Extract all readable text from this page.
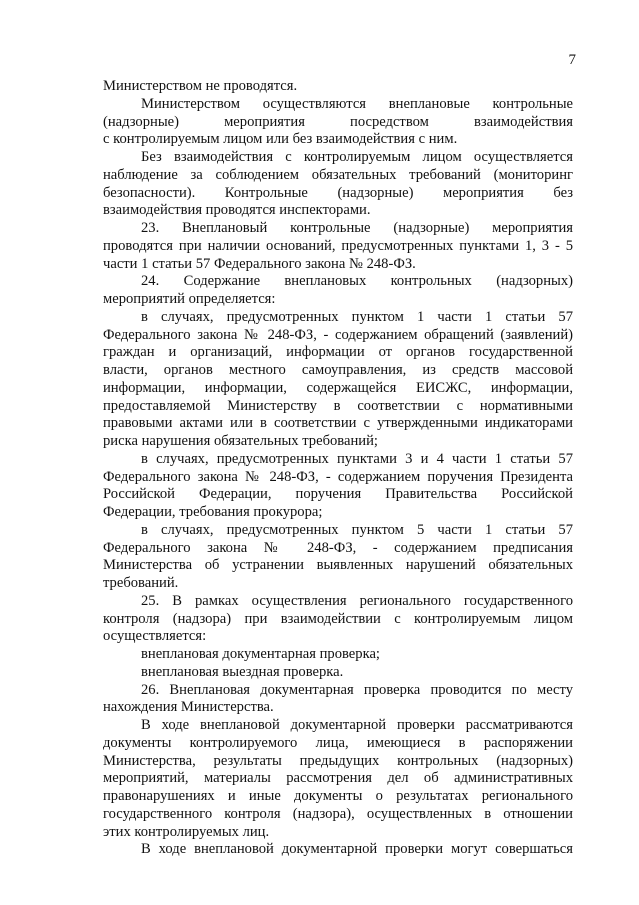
7
Министерством не проводятся.
Министерством осуществляются внеплановые контрольные
(надзорные) мероприятия посредством взаимодействия
с контролируемым лицом или без взаимодействия с ним.
Без взаимодействия с контролируемым лицом осуществляется
наблюдение за соблюдением обязательных требований (мониторинг
безопасности). Контрольные (надзорные) мероприятия без
взаимодействия проводятся инспекторами.
23. Внеплановый контрольные (надзорные) мероприятия
проводятся при наличии оснований, предусмотренных пунктами 1, 3 - 5
части 1 статьи 57 Федерального закона № 248-ФЗ.
24. Содержание внеплановых контрольных (надзорных)
мероприятий определяется:
в случаях, предусмотренных пунктом 1 части 1 статьи 57
Федерального закона № 248-ФЗ, - содержанием обращений (заявлений)
граждан и организаций, информации от органов государственной
власти, органов местного самоуправления, из средств массовой
информации, информации, содержащейся ЕИСЖС, информации,
предоставляемой Министерству в соответствии с нормативными
правовыми актами или в соответствии с утвержденными индикаторами
риска нарушения обязательных требований;
в случаях, предусмотренных пунктами 3 и 4 части 1 статьи 57
Федерального закона № 248-ФЗ, - содержанием поручения Президента
Российской Федерации, поручения Правительства Российской
Федерации, требования прокурора;
в случаях, предусмотренных пунктом 5 части 1 статьи 57
Федерального закона № 248-ФЗ, - содержанием предписания
Министерства об устранении выявленных нарушений обязательных
требований.
25. В рамках осуществления регионального государственного
контроля (надзора) при взаимодействии с контролируемым лицом
осуществляется:
внеплановая документарная проверка;
внеплановая выездная проверка.
26. Внеплановая документарная проверка проводится по месту
нахождения Министерства.
В ходе внеплановой документарной проверки рассматриваются
документы контролируемого лица, имеющиеся в распоряжении
Министерства, результаты предыдущих контрольных (надзорных)
мероприятий, материалы рассмотрения дел об административных
правонарушениях и иные документы о результатах регионального
государственного контроля (надзора), осуществленных в отношении
этих контролируемых лиц.
В ходе внеплановой документарной проверки могут совершаться
